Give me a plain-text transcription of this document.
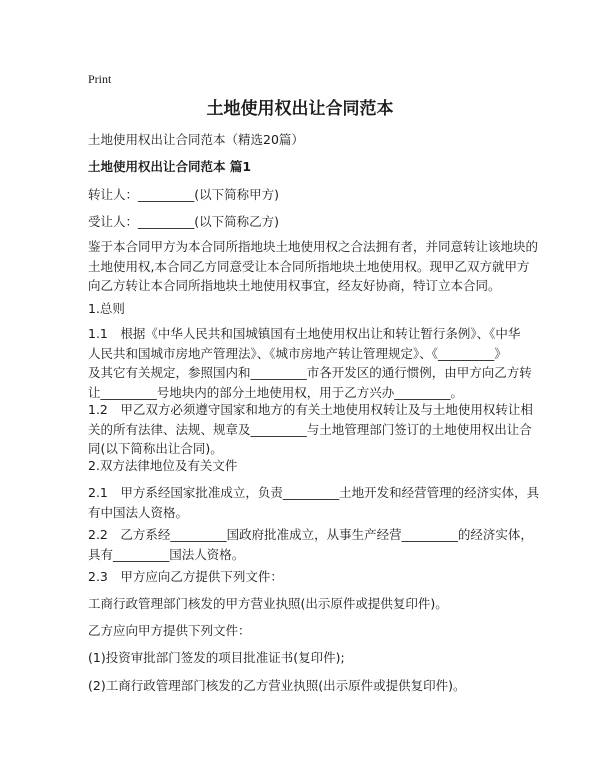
Print
土地使用权出让合同范本
土地使用权出让合同范本（精选20篇）
土地使用权出让合同范本 篇1
转让人：_________(以下简称甲方)
受让人：_________(以下简称乙方)
鉴于本合同甲方为本合同所指地块土地使用权之合法拥有者，并同意转让该地块的
土地使用权,本合同乙方同意受让本合同所指地块土地使用权。现甲乙双方就甲方
向乙方转让本合同所指地块土地使用权事宜，经友好协商，特订立本合同。
1.总则
1.1　根据《中华人民共和国城镇国有土地使用权出让和转让暂行条例》、《中华
人民共和国城市房地产管理法》、《城市房地产转让管理规定》、《_________》
及其它有关规定，参照国内和_________市各开发区的通行惯例，由甲方向乙方转
让_________号地块内的部分土地使用权，用于乙方兴办_________。
1.2　甲乙双方必须遵守国家和地方的有关土地使用权转让及与土地使用权转让相
关的所有法律、法规、规章及_________与土地管理部门签订的土地使用权出让合
同(以下简称出让合同)。
2.双方法律地位及有关文件
2.1　甲方系经国家批准成立，负责_________土地开发和经营管理的经济实体，具
有中国法人资格。
2.2　乙方系经_________国政府批准成立，从事生产经营_________的经济实体，
具有_________国法人资格。
2.3　甲方应向乙方提供下列文件：
工商行政管理部门核发的甲方营业执照(出示原件或提供复印件)。
乙方应向甲方提供下列文件：
(1)投资审批部门签发的项目批准证书(复印件);
(2)工商行政管理部门核发的乙方营业执照(出示原件或提供复印件)。
